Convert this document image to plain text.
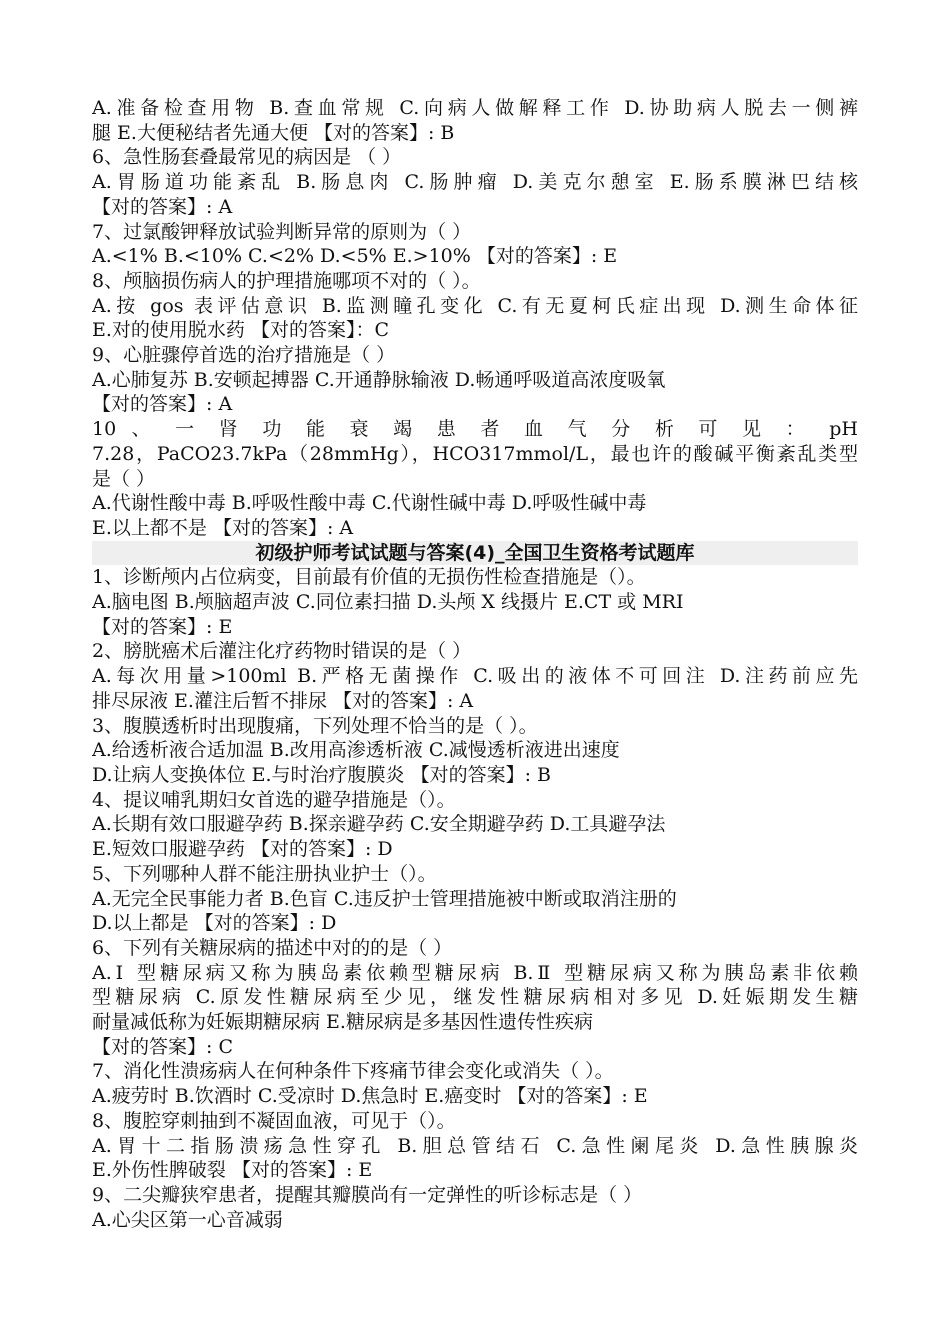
A.准备检查用物 B.查血常规 C.向病人做解释工作 D.协助病人脱去一侧裤
腿 E.大便秘结者先通大便 【对的答案】: B
6、急性肠套叠最常见的病因是 （ ）
A.胃肠道功能紊乱 B.肠息肉 C.肠肿瘤 D.美克尔憩室 E.肠系膜淋巴结核
【对的答案】: A
7、过氯酸钾释放试验判断异常的原则为（ ）
A.<1% B.<10% C.<2% D.<5% E.>10% 【对的答案】: E
8、颅脑损伤病人的护理措施哪项不对的（ ）。
A.按 gos 表评估意识 B.监测瞳孔变化 C.有无夏柯氏症出现 D.测生命体征
E.对的使用脱水药 【对的答案】：C
9、心脏骤停首选的治疗措施是（ ）
A.心肺复苏 B.安顿起搏器 C.开通静脉输液 D.畅通呼吸道高浓度吸氧
【对的答案】: A
10 、 一 肾 功 能 衰 竭 患 者 血 气 分 析 可 见 ： pH
7.28，PaCO23.7kPa（28mmHg），HCO317mmol/L，最也许的酸碱平衡紊乱类型
是（ ）
A.代谢性酸中毒 B.呼吸性酸中毒 C.代谢性碱中毒 D.呼吸性碱中毒
E.以上都不是 【对的答案】: A
初级护师考试试题与答案(4)_全国卫生资格考试题库
1、诊断颅内占位病变，目前最有价值的无损伤性检查措施是（）。
A.脑电图 B.颅脑超声波 C.同位素扫描 D.头颅 X 线摄片 E.CT 或 MRI
【对的答案】: E
2、膀胱癌术后灌注化疗药物时错误的是（ ）
A.每次用量>100ml B.严格无菌操作 C.吸出的液体不可回注 D.注药前应先
排尽尿液 E.灌注后暂不排尿 【对的答案】: A
3、腹膜透析时出现腹痛，下列处理不恰当的是（ ）。
A.给透析液合适加温 B.改用高渗透析液 C.减慢透析液进出速度
D.让病人变换体位 E.与时治疗腹膜炎 【对的答案】: B
4、提议哺乳期妇女首选的避孕措施是（）。
A.长期有效口服避孕药 B.探亲避孕药 C.安全期避孕药 D.工具避孕法
E.短效口服避孕药 【对的答案】: D
5、下列哪种人群不能注册执业护士（）。
A.无完全民事能力者 B.色盲 C.违反护士管理措施被中断或取消注册的
D.以上都是 【对的答案】: D
6、下列有关糖尿病的描述中对的的是（ ）
A.Ⅰ 型糖尿病又称为胰岛素依赖型糖尿病 B.Ⅱ 型糖尿病又称为胰岛素非依赖
型糖尿病 C.原发性糖尿病至少见，继发性糖尿病相对多见 D.妊娠期发生糖
耐量减低称为妊娠期糖尿病 E.糖尿病是多基因性遗传性疾病
【对的答案】: C
7、消化性溃疡病人在何种条件下疼痛节律会变化或消失（ ）。
A.疲劳时 B.饮酒时 C.受凉时 D.焦急时 E.癌变时 【对的答案】: E
8、腹腔穿刺抽到不凝固血液，可见于（）。
A.胃十二指肠溃疡急性穿孔 B.胆总管结石 C.急性阑尾炎 D.急性胰腺炎
E.外伤性脾破裂 【对的答案】: E
9、二尖瓣狭窄患者，提醒其瓣膜尚有一定弹性的听诊标志是（ ）
A.心尖区第一心音减弱
